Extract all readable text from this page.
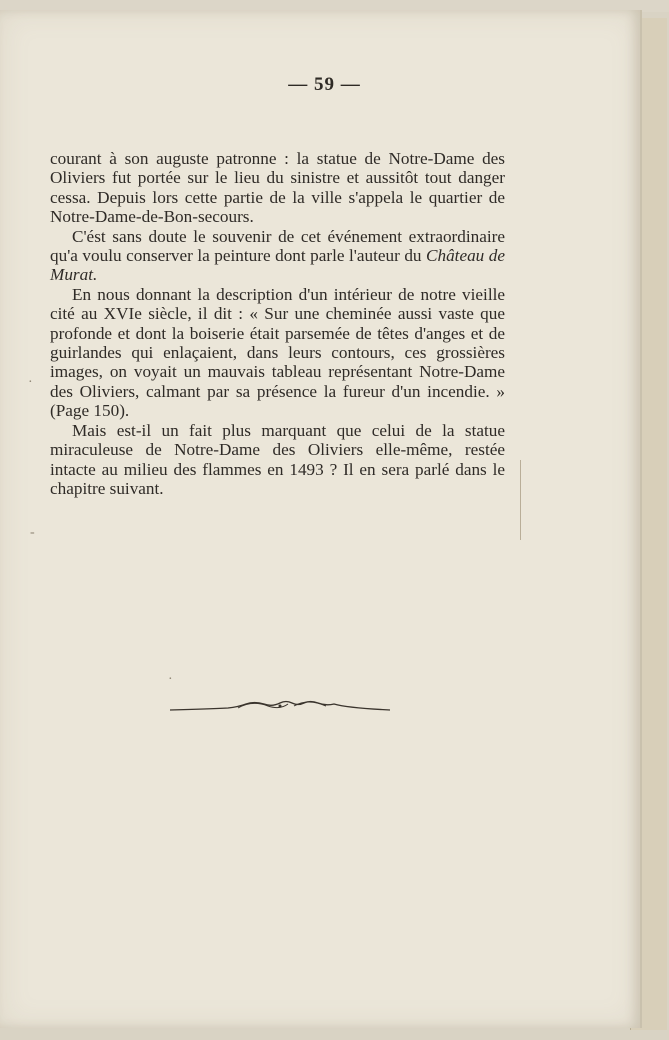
— 59 —

courant à son auguste patronne : la statue de Notre-Dame des Oliviers fut portée sur le lieu du sinistre et aussitôt tout danger cessa. Depuis lors cette partie de la ville s'appela le quartier de Notre-Dame-de-Bon-secours.

C'ést sans doute le souvenir de cet événement extraordinaire qu'a voulu conserver la peinture dont parle l'auteur du Château de Murat.

En nous donnant la description d'un intérieur de notre vieille cité au XVIe siècle, il dit : « Sur une cheminée aussi vaste que profonde et dont la boiserie était parsemée de têtes d'anges et de guirlandes qui enlaçaient, dans leurs contours, ces grossières images, on voyait un mauvais tableau représentant Notre-Dame des Oliviers, calmant par sa présence la fureur d'un incendie. » (Page 150).

Mais est-il un fait plus marquant que celui de la statue miraculeuse de Notre-Dame des Oliviers elle-même, restée intacte au milieu des flammes en 1493 ? Il en sera parlé dans le chapitre suivant.

·
-
·
